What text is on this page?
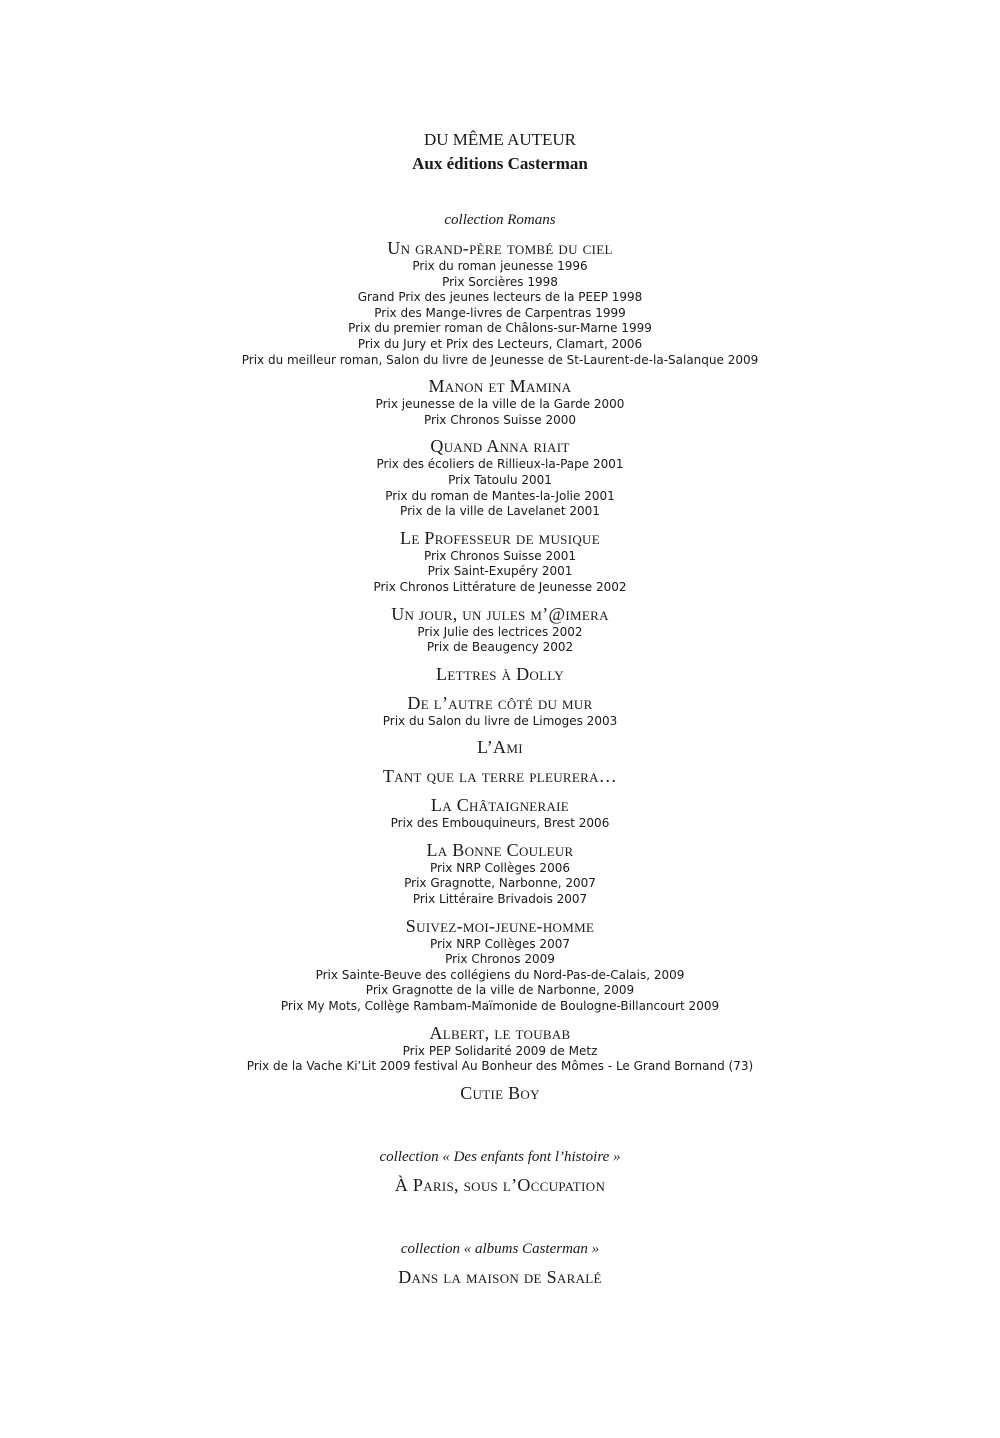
DU MÊME AUTEUR

Aux éditions Casterman

collection Romans

Un grand-père tombé du ciel

Prix du roman jeunesse 1996

Prix Sorcières 1998

Grand Prix des jeunes lecteurs de la PEEP 1998

Prix des Mange-livres de Carpentras 1999

Prix du premier roman de Châlons-sur-Marne 1999

Prix du Jury et Prix des Lecteurs, Clamart, 2006

Prix du meilleur roman, Salon du livre de Jeunesse de St-Laurent-de-la-Salanque 2009

Manon et Mamina

Prix jeunesse de la ville de la Garde 2000

Prix Chronos Suisse 2000

Quand Anna riait

Prix des écoliers de Rillieux-la-Pape 2001

Prix Tatoulu 2001

Prix du roman de Mantes-la-Jolie 2001

Prix de la ville de Lavelanet 2001

Le Professeur de musique

Prix Chronos Suisse 2001

Prix Saint-Exupéry 2001

Prix Chronos Littérature de Jeunesse 2002

Un jour, un jules m’@imera

Prix Julie des lectrices 2002

Prix de Beaugency 2002

Lettres à Dolly

De l’autre côté du mur

Prix du Salon du livre de Limoges 2003

L’Ami

Tant que la terre pleurera…

La Châtaigneraie

Prix des Embouquineurs, Brest 2006

La Bonne Couleur

Prix NRP Collèges 2006

Prix Gragnotte, Narbonne, 2007

Prix Littéraire Brivadois 2007

Suivez-moi-jeune-homme

Prix NRP Collèges 2007

Prix Chronos 2009

Prix Sainte-Beuve des collégiens du Nord-Pas-de-Calais, 2009

Prix Gragnotte de la ville de Narbonne, 2009

Prix My Mots, Collège Rambam-Maïmonide de Boulogne-Billancourt 2009

Albert, le toubab

Prix PEP Solidarité 2009 de Metz

Prix de la Vache Ki’Lit 2009 festival Au Bonheur des Mômes - Le Grand Bornand (73)

Cutie Boy

collection « Des enfants font l’histoire »

À Paris, sous l’Occupation

collection « albums Casterman »

Dans la maison de Saralé
